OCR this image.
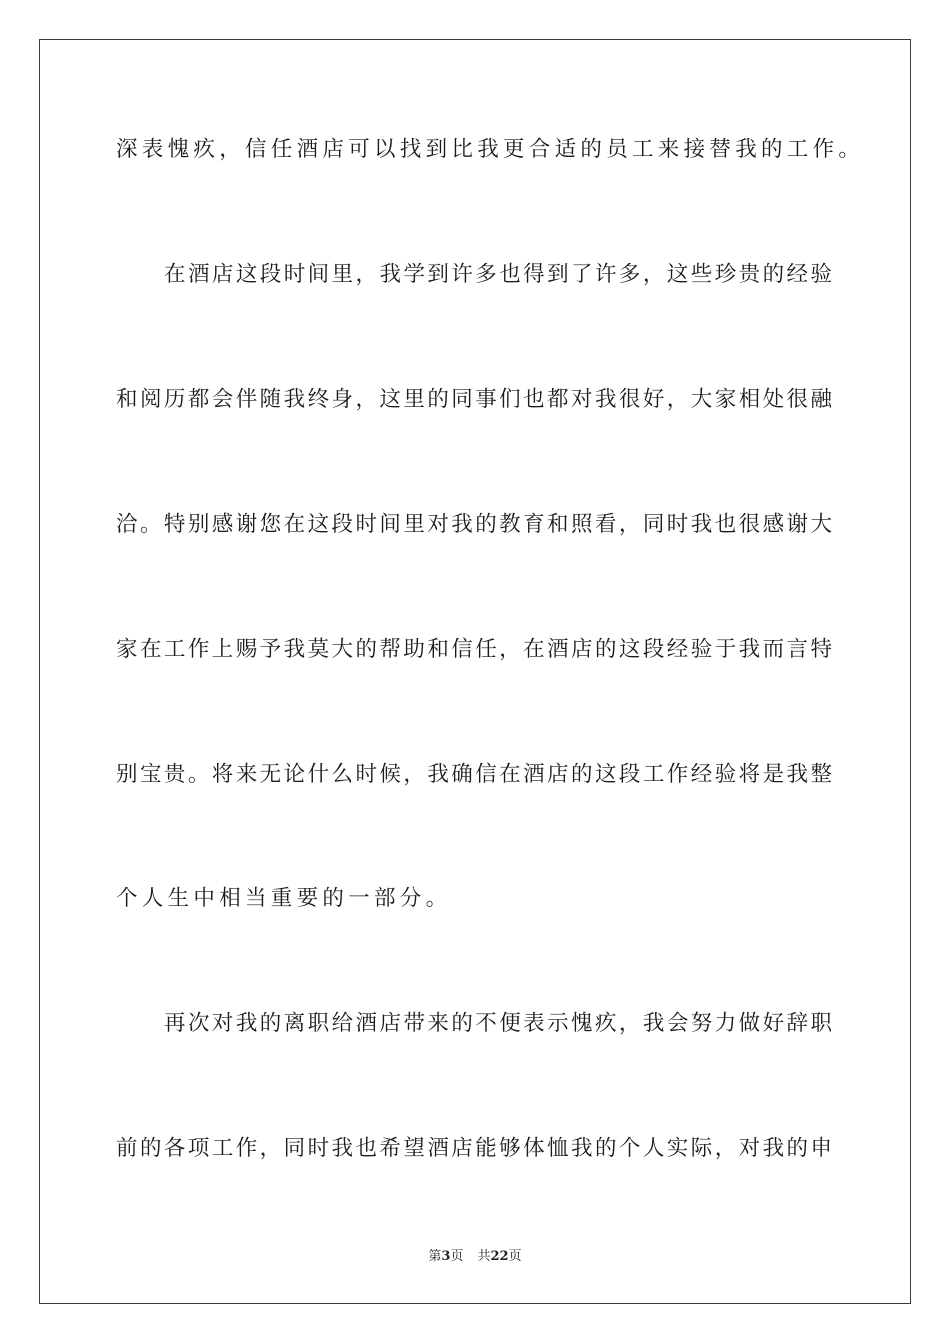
深表愧疚，信任酒店可以找到比我更合适的员工来接替我的工作。
在酒店这段时间里，我学到许多也得到了许多，这些珍贵的经验
和阅历都会伴随我终身，这里的同事们也都对我很好，大家相处很融
洽。特别感谢您在这段时间里对我的教育和照看，同时我也很感谢大
家在工作上赐予我莫大的帮助和信任，在酒店的这段经验于我而言特
别宝贵。将来无论什么时候，我确信在酒店的这段工作经验将是我整
个人生中相当重要的一部分。
再次对我的离职给酒店带来的不便表示愧疚，我会努力做好辞职
前的各项工作，同时我也希望酒店能够体恤我的个人实际，对我的申
第3页 共22页
